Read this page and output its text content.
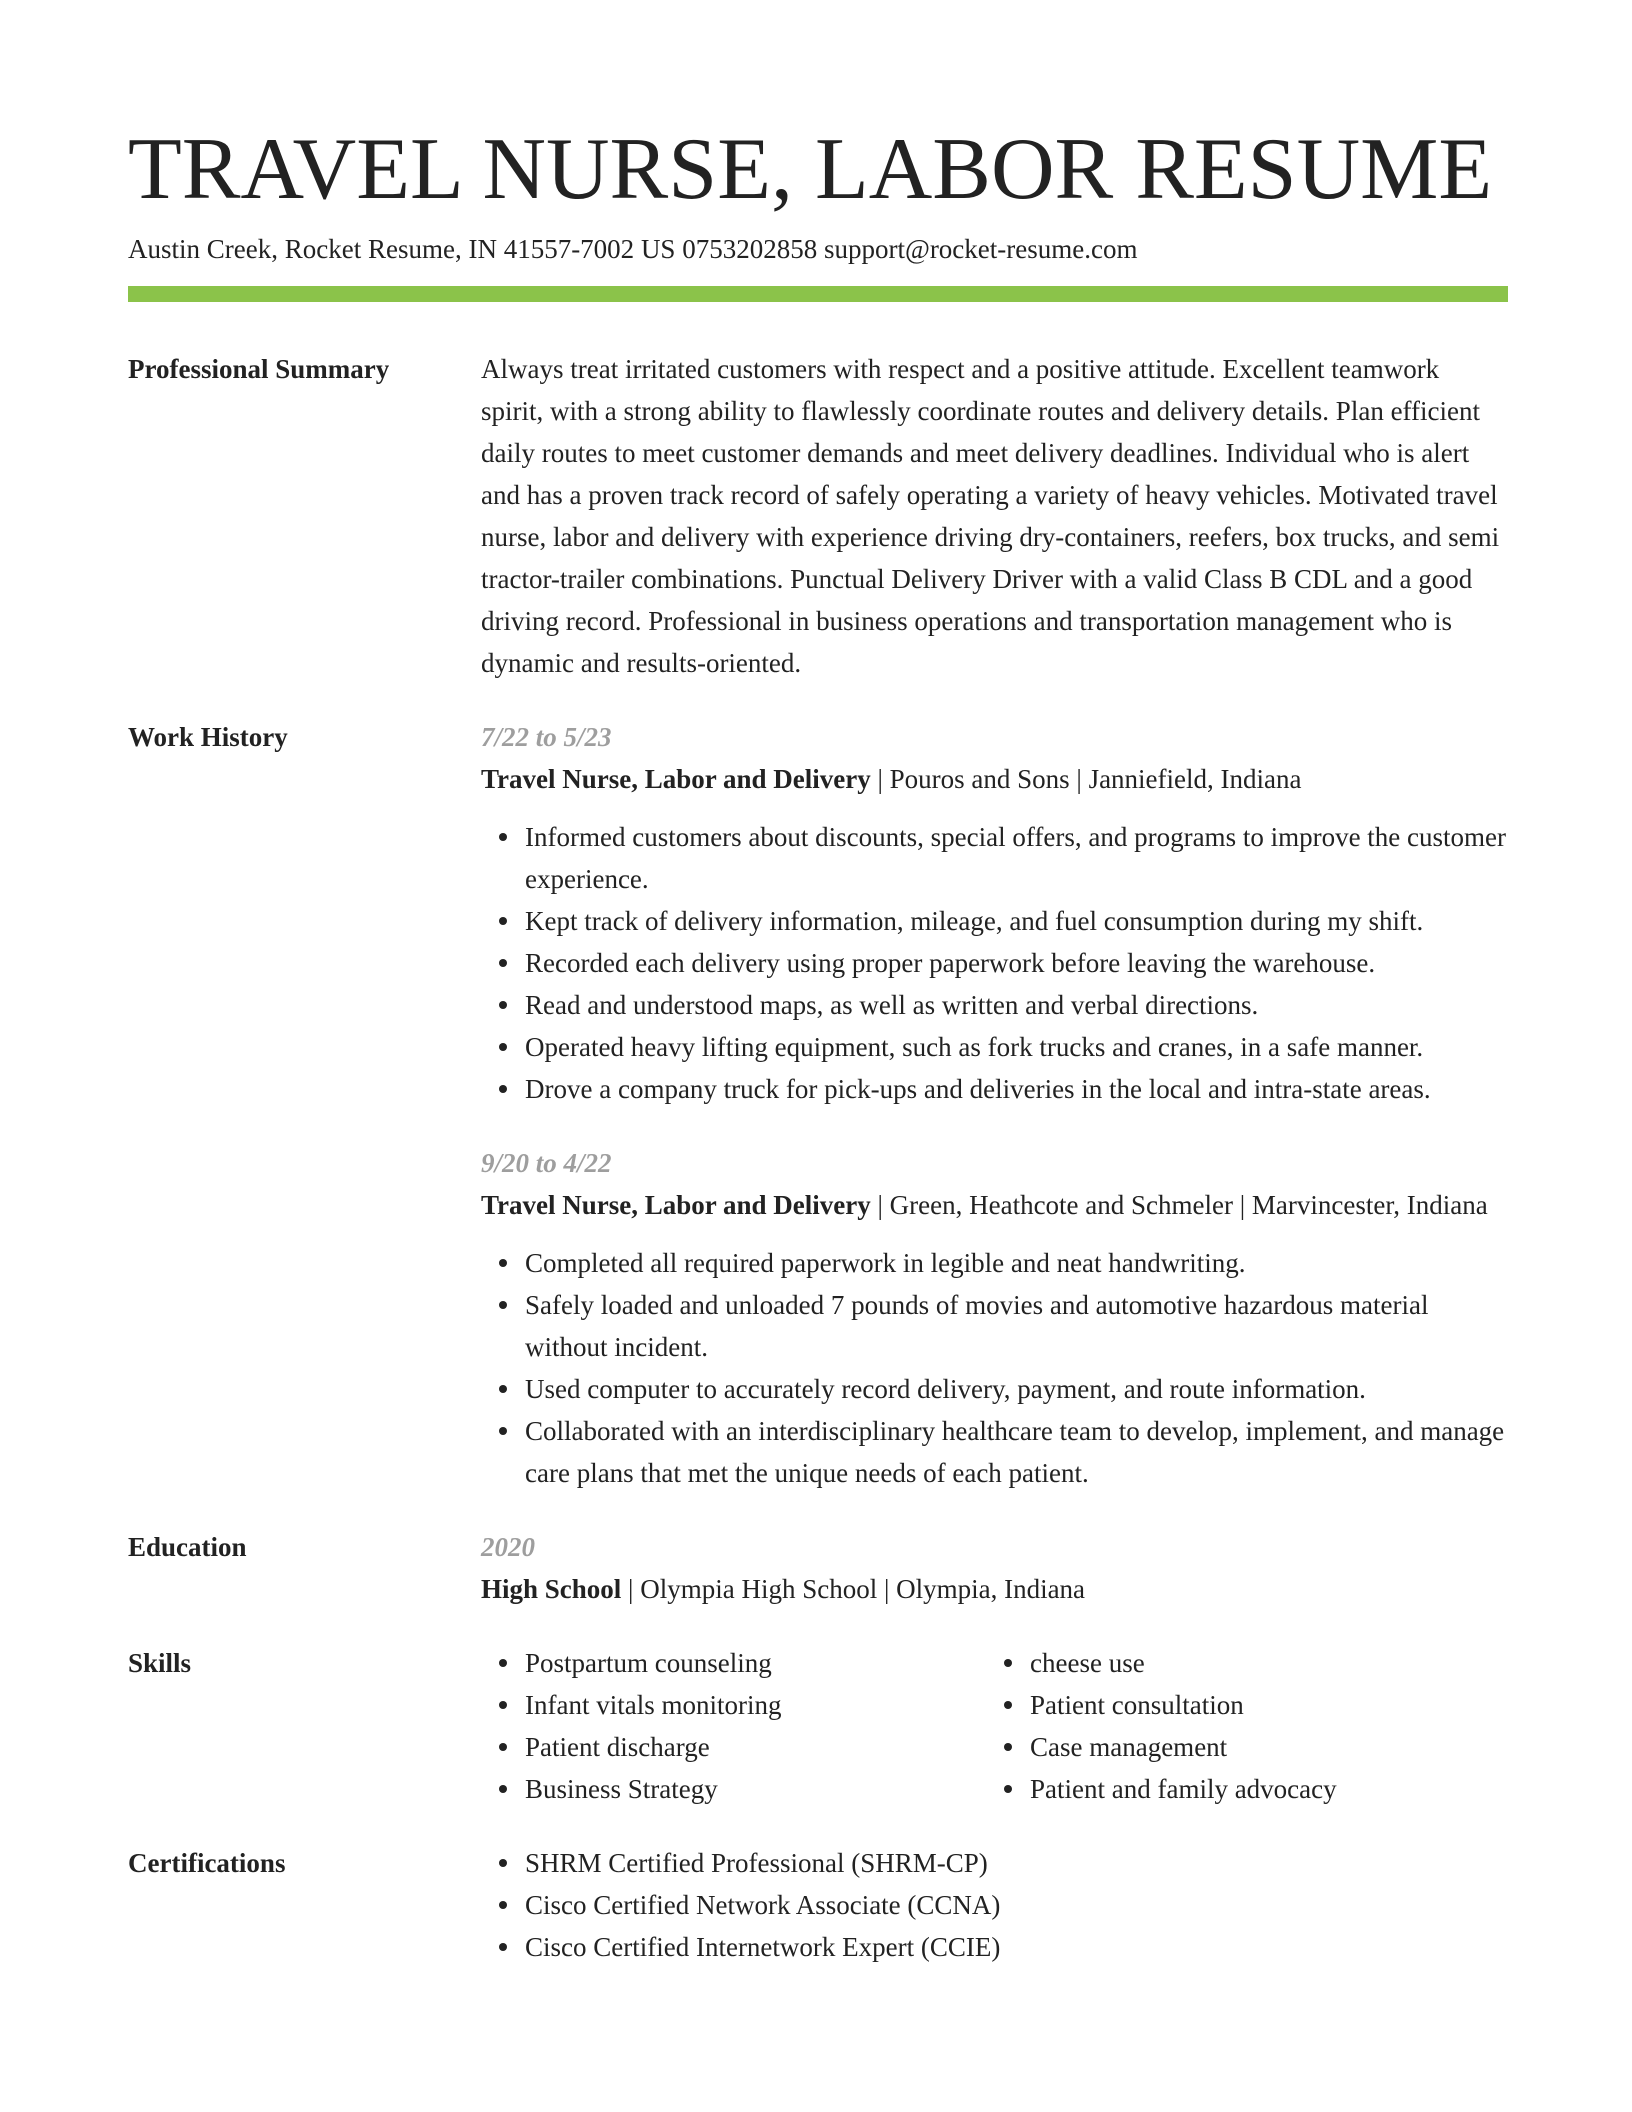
TRAVEL NURSE, LABOR RESUME
Austin Creek, Rocket Resume, IN 41557-7002 US 0753202858 support@rocket-resume.com
Professional Summary	Always treat irritated customers with respect and a positive attitude. Excellent teamwork spirit, with a strong ability to flawlessly coordinate routes and delivery details. Plan efficient daily routes to meet customer demands and meet delivery deadlines. Individual who is alert and has a proven track record of safely operating a variety of heavy vehicles. Motivated travel nurse, labor and delivery with experience driving dry-containers, reefers, box trucks, and semi tractor-trailer combinations. Punctual Delivery Driver with a valid Class B CDL and a good driving record. Professional in business operations and transportation management who is dynamic and results-oriented.

Work History	7/22 to 5/23
Travel Nurse, Labor and Delivery | Pouros and Sons | Janniefield, Indiana
Informed customers about discounts, special offers, and programs to improve the customer experience.
Kept track of delivery information, mileage, and fuel consumption during my shift.
Recorded each delivery using proper paperwork before leaving the warehouse.
Read and understood maps, as well as written and verbal directions.
Operated heavy lifting equipment, such as fork trucks and cranes, in a safe manner.
Drove a company truck for pick-ups and deliveries in the local and intra-state areas.
9/20 to 4/22
Travel Nurse, Labor and Delivery | Green, Heathcote and Schmeler | Marvincester, Indiana
Completed all required paperwork in legible and neat handwriting.
Safely loaded and unloaded 7 pounds of movies and automotive hazardous material without incident.
Used computer to accurately record delivery, payment, and route information.
Collaborated with an interdisciplinary healthcare team to develop, implement, and manage care plans that met the unique needs of each patient.
Education	2020
High School | Olympia High School | Olympia, Indiana
Skills	Postpartum counseling
Infant vitals monitoring
Patient discharge
Business Strategy
cheese use
Patient consultation
Case management
Patient and family advocacy
Certifications	SHRM Certified Professional (SHRM-CP)
Cisco Certified Network Associate (CCNA)
Cisco Certified Internetwork Expert (CCIE)
